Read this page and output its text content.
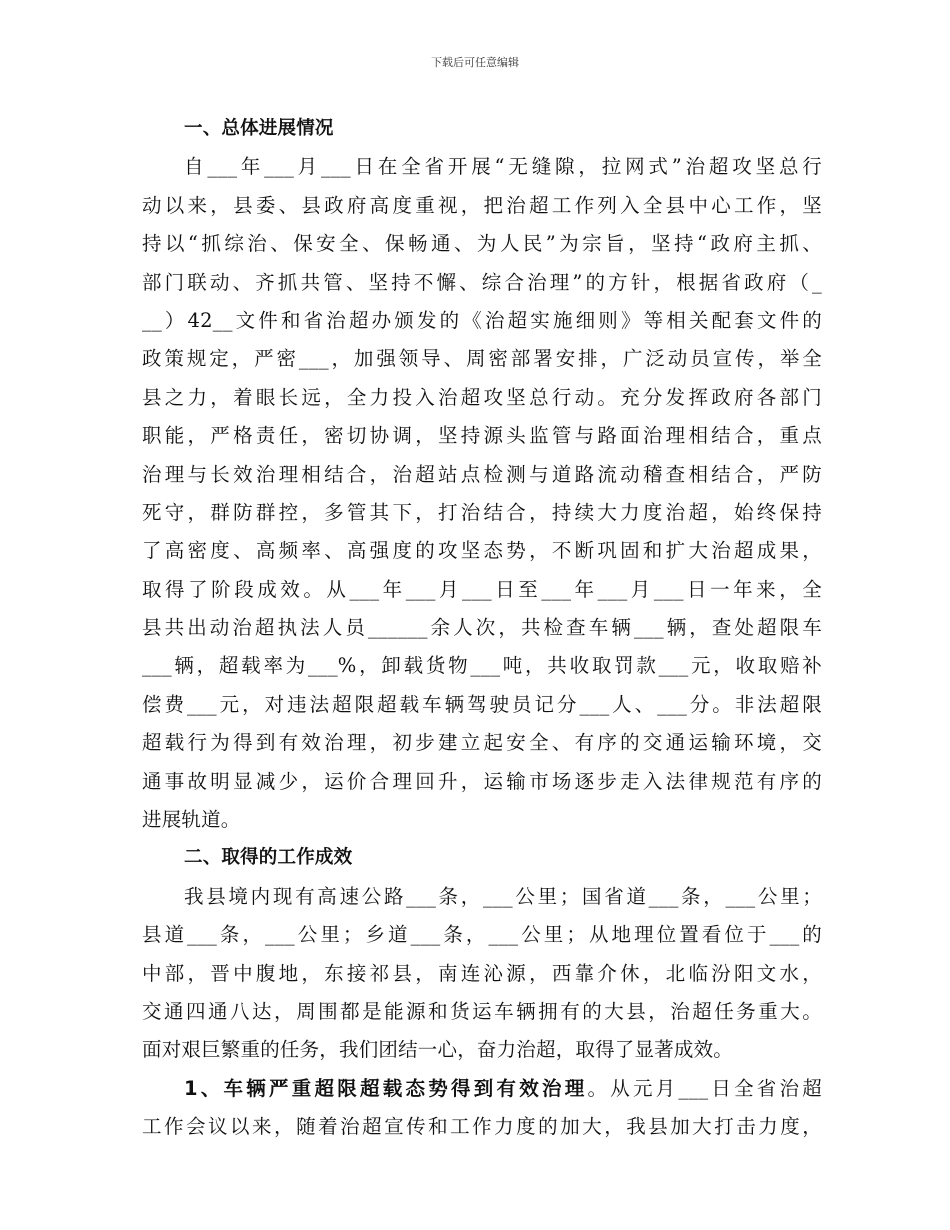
下载后可任意编辑
一、总体进展情况
自___年___月___日在全省开展“无缝隙，拉网式”治超攻坚总行
动以来，县委、县政府高度重视，把治超工作列入全县中心工作，坚
持以“抓综治、保安全、保畅通、为人民”为宗旨，坚持“政府主抓、
部门联动、齐抓共管、坚持不懈、综合治理”的方针，根据省政府（_
__）42__文件和省治超办颁发的《治超实施细则》等相关配套文件的
政策规定，严密___，加强领导、周密部署安排，广泛动员宣传，举全
县之力，着眼长远，全力投入治超攻坚总行动。充分发挥政府各部门
职能，严格责任，密切协调，坚持源头监管与路面治理相结合，重点
治理与长效治理相结合，治超站点检测与道路流动稽查相结合，严防
死守，群防群控，多管其下，打治结合，持续大力度治超，始终保持
了高密度、高频率、高强度的攻坚态势，不断巩固和扩大治超成果，
取得了阶段成效。从___年___月___日至___年___月___日一年来，全
县共出动治超执法人员______余人次，共检查车辆___辆，查处超限车
___辆，超载率为___%，卸载货物___吨，共收取罚款___元，收取赔补
偿费___元，对违法超限超载车辆驾驶员记分___人、___分。非法超限
超载行为得到有效治理，初步建立起安全、有序的交通运输环境，交
通事故明显减少，运价合理回升，运输市场逐步走入法律规范有序的
进展轨道。
二、取得的工作成效
我县境内现有高速公路___条，___公里；国省道___条，___公里；
县道___条，___公里；乡道___条，___公里；从地理位置看位于___的
中部，晋中腹地，东接祁县，南连沁源，西靠介休，北临汾阳文水，
交通四通八达，周围都是能源和货运车辆拥有的大县，治超任务重大。
面对艰巨繁重的任务，我们团结一心，奋力治超，取得了显著成效。
1、车辆严重超限超载态势得到有效治理。从元月___日全省治超
工作会议以来，随着治超宣传和工作力度的加大，我县加大打击力度，
